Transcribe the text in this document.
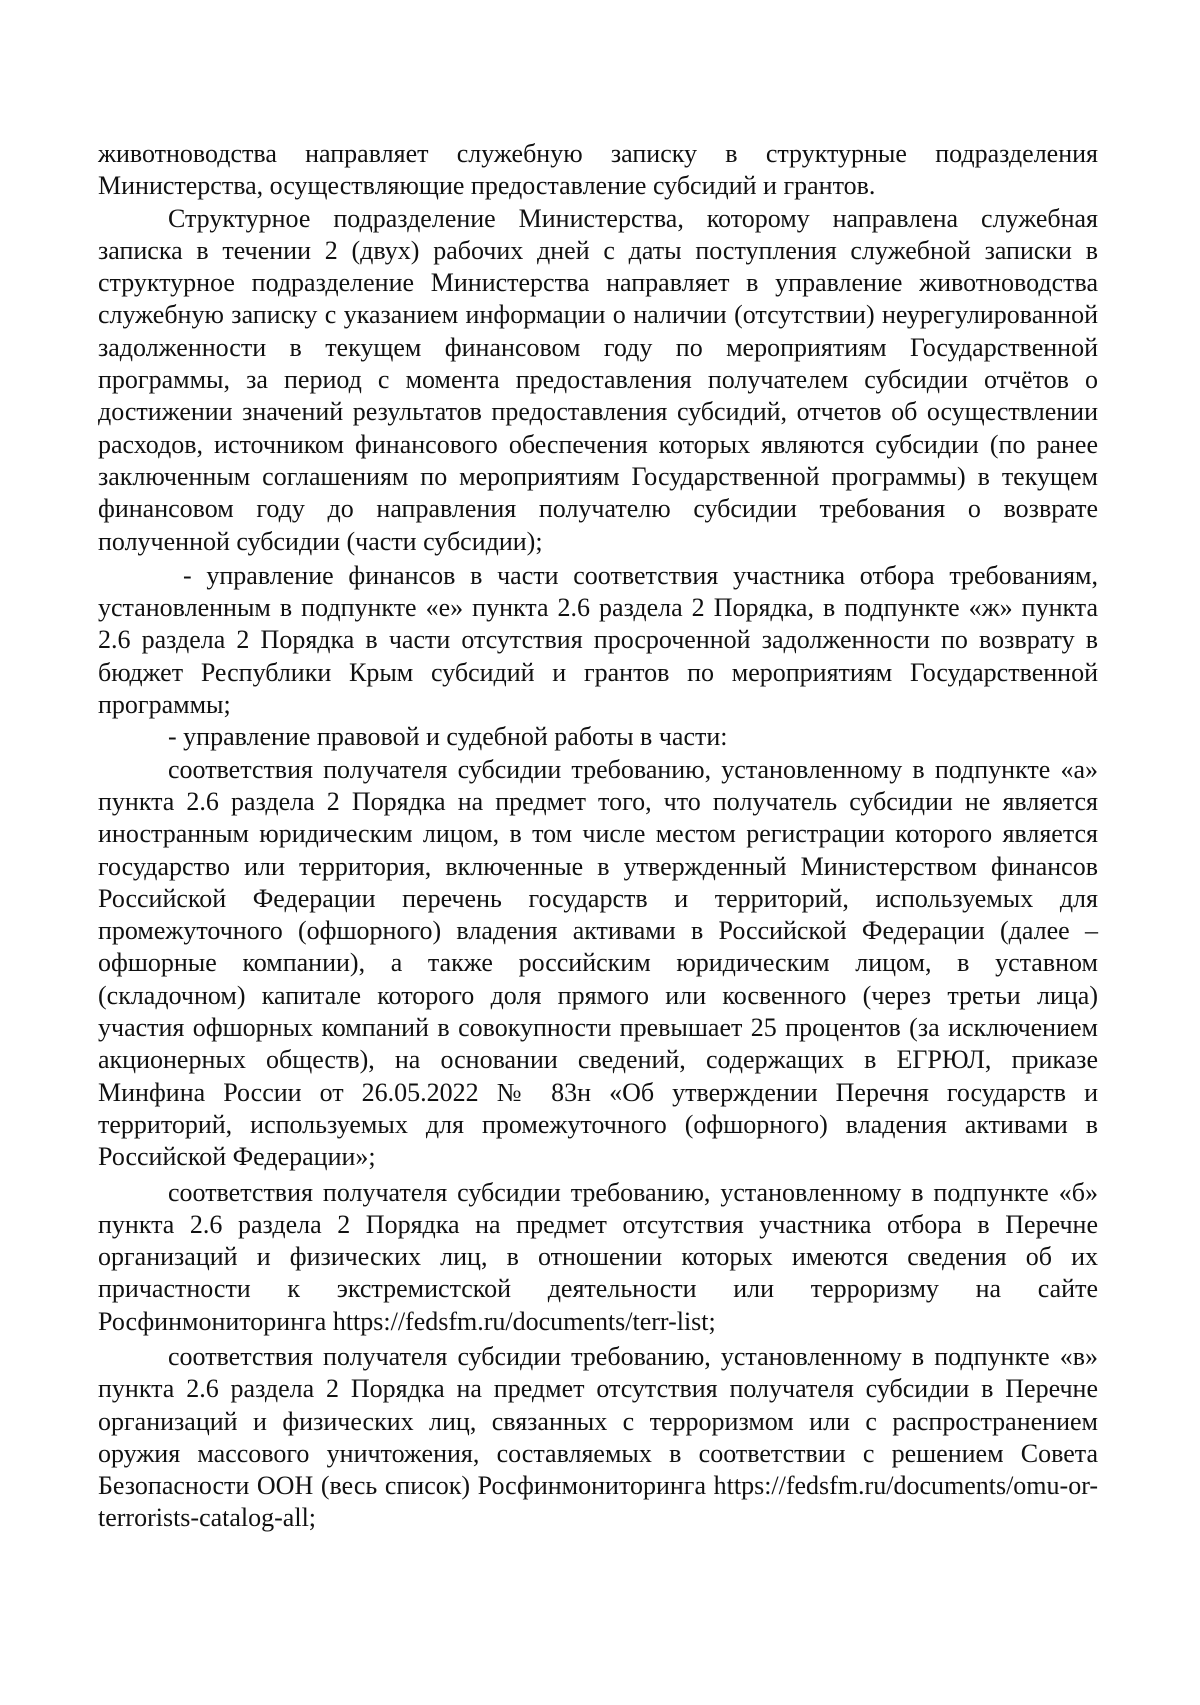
животноводства направляет служебную записку в структурные подразделения Министерства, осуществляющие предоставление субсидий и грантов.

Структурное подразделение Министерства, которому направлена служебная записка в течении 2 (двух) рабочих дней с даты поступления служебной записки в структурное подразделение Министерства направляет в управление животноводства служебную записку с указанием информации о наличии (отсутствии) неурегулированной задолженности в текущем финансовом году по мероприятиям Государственной программы, за период с момента предоставления получателем субсидии отчётов о достижении значений результатов предоставления субсидий, отчетов об осуществлении расходов, источником финансового обеспечения которых являются субсидии (по ранее заключенным соглашениям по мероприятиям Государственной программы) в текущем финансовом году до направления получателю субсидии требования о возврате полученной субсидии (части субсидии);

- управление финансов в части соответствия участника отбора требованиям, установленным в подпункте «е» пункта 2.6 раздела 2 Порядка, в подпункте «ж» пункта 2.6 раздела 2 Порядка в части отсутствия просроченной задолженности по возврату в бюджет Республики Крым субсидий и грантов по мероприятиям Государственной программы;

- управление правовой и судебной работы в части:

соответствия получателя субсидии требованию, установленному в подпункте «а» пункта 2.6 раздела 2 Порядка на предмет того, что получатель субсидии не является иностранным юридическим лицом, в том числе местом регистрации которого является государство или территория, включенные в утвержденный Министерством финансов Российской Федерации перечень государств и территорий, используемых для промежуточного (офшорного) владения активами в Российской Федерации (далее – офшорные компании), а также российским юридическим лицом, в уставном (складочном) капитале которого доля прямого или косвенного (через третьи лица) участия офшорных компаний в совокупности превышает 25 процентов (за исключением акционерных обществ), на основании сведений, содержащих в ЕГРЮЛ, приказе Минфина России от 26.05.2022 № 83н «Об утверждении Перечня государств и территорий, используемых для промежуточного (офшорного) владения активами в Российской Федерации»;

соответствия получателя субсидии требованию, установленному в подпункте «б» пункта 2.6 раздела 2 Порядка на предмет отсутствия участника отбора в Перечне организаций и физических лиц, в отношении которых имеются сведения об их причастности к экстремистской деятельности или терроризму на сайте Росфинмониторинга https://fedsfm.ru/documents/terr-list;

соответствия получателя субсидии требованию, установленному в подпункте «в» пункта 2.6 раздела 2 Порядка на предмет отсутствия получателя субсидии в Перечне организаций и физических лиц, связанных с терроризмом или с распространением оружия массового уничтожения, составляемых в соответствии с решением Совета Безопасности ООН (весь список) Росфинмониторинга https://fedsfm.ru/documents/omu-or-terrorists-catalog-all;
